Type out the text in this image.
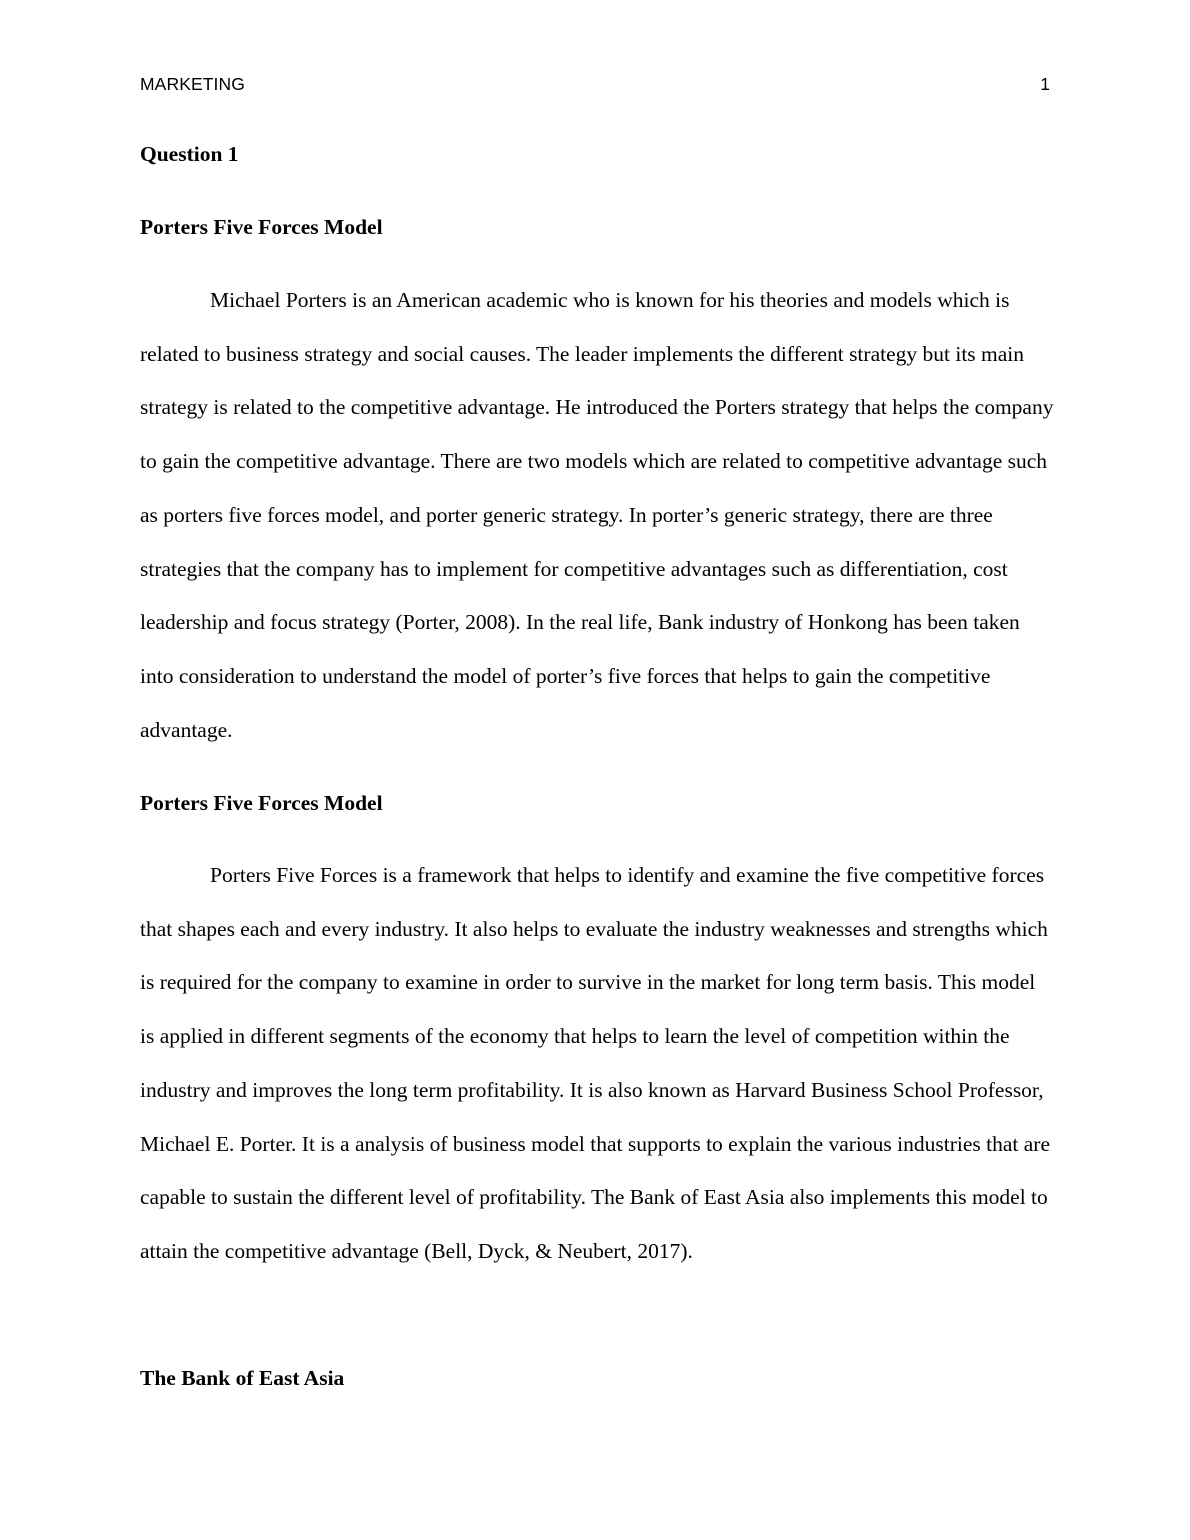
MARKETING	1
Question 1
Porters Five Forces Model

Michael Porters is an American academic who is known for his theories and models which is related to business strategy and social causes. The leader implements the different strategy but its main strategy is related to the competitive advantage. He introduced the Porters strategy that helps the company to gain the competitive advantage. There are two models which are related to competitive advantage such as porters five forces model, and porter generic strategy. In porter’s generic strategy, there are three strategies that the company has to implement for competitive advantages such as differentiation, cost leadership and focus strategy (Porter, 2008). In the real life, Bank industry of Honkong has been taken into consideration to understand the model of porter’s five forces that helps to gain the competitive advantage.

Porters Five Forces Model

Porters Five Forces is a framework that helps to identify and examine the five competitive forces that shapes each and every industry. It also helps to evaluate the industry weaknesses and strengths which is required for the company to examine in order to survive in the market for long term basis. This model is applied in different segments of the economy that helps to learn the level of competition within the industry and improves the long term profitability. It is also known as Harvard Business School Professor, Michael E. Porter. It is a analysis of business model that supports to explain the various industries that are capable to sustain the different level of profitability. The Bank of East Asia also implements this model to attain the competitive advantage (Bell, Dyck, & Neubert, 2017).

The Bank of East Asia
